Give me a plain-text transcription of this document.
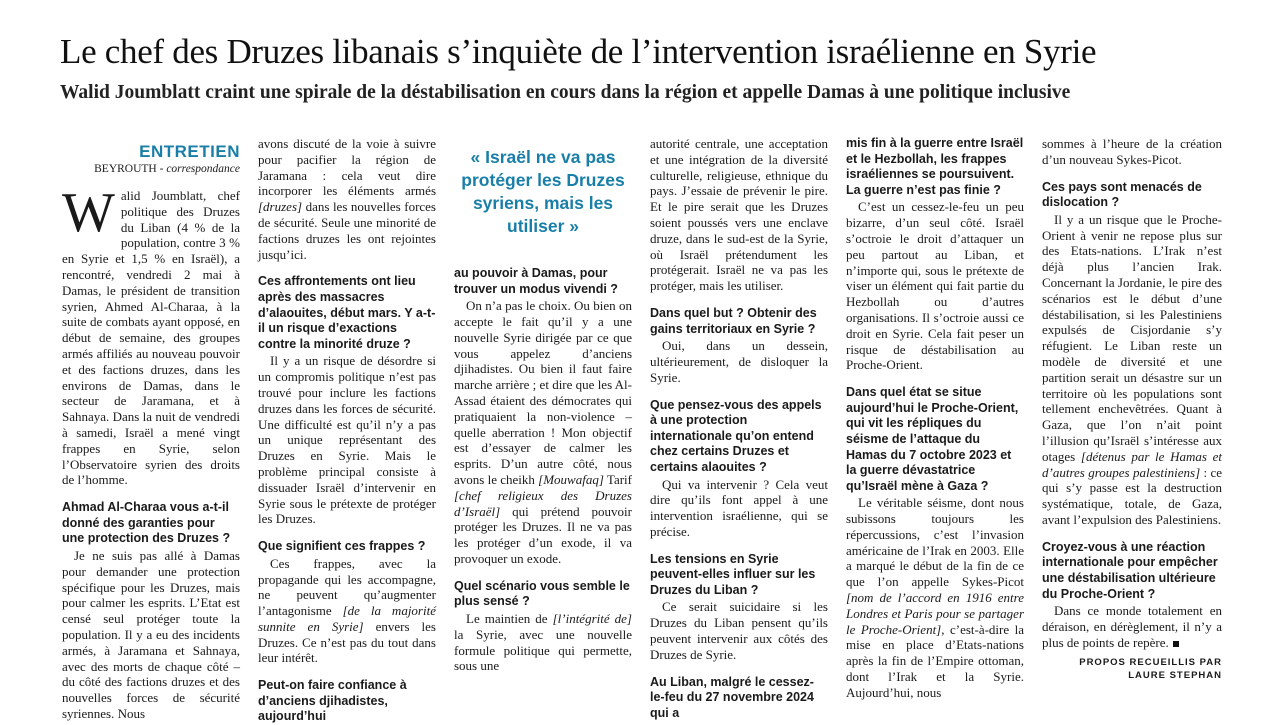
Le chef des Druzes libanais s’inquiète de l’intervention israélienne en Syrie
Walid Joumblatt craint une spirale de la déstabilisation en cours dans la région et appelle Damas à une politique inclusive
ENTRETIEN
BEYROUTH - correspondance

Walid Joumblatt, chef politique des Druzes du Liban (4 % de la population, contre 3 % en Syrie et 1,5 % en Israël), a rencontré, vendredi 2 mai à Damas, le président de transition syrien, Ahmed Al-Charaa, à la suite de combats ayant opposé, en début de semaine, des groupes armés affiliés au nouveau pouvoir et des factions druzes, dans les environs de Damas, dans le secteur de Jaramana, et à Sahnaya. Dans la nuit de vendredi à samedi, Israël a mené vingt frappes en Syrie, selon l’Observatoire syrien des droits de l’homme.

Ahmad Al-Charaa vous a-t-il donné des garanties pour une protection des Druzes ?

Je ne suis pas allé à Damas pour demander une protection spécifique pour les Druzes, mais pour calmer les esprits. L’Etat est censé seul protéger toute la population. Il y a eu des incidents armés, à Jaramana et Sahnaya, avec des morts de chaque côté – du côté des factions druzes et des nouvelles forces de sécurité syriennes. Nous

avons discuté de la voie à suivre pour pacifier la région de Jaramana : cela veut dire incorporer les éléments armés [druzes] dans les nouvelles forces de sécurité. Seule une minorité de factions druzes les ont rejointes jusqu’ici.

Ces affrontements ont lieu après des massacres d’alaouites, début mars. Y a-t-il un risque d’exactions contre la minorité druze ?

Il y a un risque de désordre si un compromis politique n’est pas trouvé pour inclure les factions druzes dans les forces de sécurité. Une difficulté est qu’il n’y a pas un unique représentant des Druzes en Syrie. Mais le problème principal consiste à dissuader Israël d’intervenir en Syrie sous le prétexte de protéger les Druzes.

Que signifient ces frappes ?

Ces frappes, avec la propagande qui les accompagne, ne peuvent qu’augmenter l’antagonisme [de la majorité sunnite en Syrie] envers les Druzes. Ce n’est pas du tout dans leur intérêt.

Peut-on faire confiance à d’anciens djihadistes, aujourd’hui

« Israël ne va pas protéger les Druzes syriens, mais les utiliser »

au pouvoir à Damas, pour trouver un modus vivendi ?

On n’a pas le choix. Ou bien on accepte le fait qu’il y a une nouvelle Syrie dirigée par ce que vous appelez d’anciens djihadistes. Ou bien il faut faire marche arrière ; et dire que les Al-Assad étaient des démocrates qui pratiquaient la non-violence – quelle aberration ! Mon objectif est d’essayer de calmer les esprits. D’un autre côté, nous avons le cheikh [Mouwafaq] Tarif [chef religieux des Druzes d’Israël] qui prétend pouvoir protéger les Druzes. Il ne va pas les protéger d’un exode, il va provoquer un exode.

Quel scénario vous semble le plus sensé ?

Le maintien de [l’intégrité de] la Syrie, avec une nouvelle formule politique qui permette, sous une

autorité centrale, une acceptation et une intégration de la diversité culturelle, religieuse, ethnique du pays. J’essaie de prévenir le pire. Et le pire serait que les Druzes soient poussés vers une enclave druze, dans le sud-est de la Syrie, où Israël prétendument les protégerait. Israël ne va pas les protéger, mais les utiliser.

Dans quel but ? Obtenir des gains territoriaux en Syrie ?

Oui, dans un dessein, ultérieurement, de disloquer la Syrie.

Que pensez-vous des appels à une protection internationale qu’on entend chez certains Druzes et certains alaouites ?

Qui va intervenir ? Cela veut dire qu’ils font appel à une intervention israélienne, qui se précise.

Les tensions en Syrie peuvent-elles influer sur les Druzes du Liban ?

Ce serait suicidaire si les Druzes du Liban pensent qu’ils peuvent intervenir aux côtés des Druzes de Syrie.

Au Liban, malgré le cessez-le-feu du 27 novembre 2024 qui a

mis fin à la guerre entre Israël et le Hezbollah, les frappes israéliennes se poursuivent. La guerre n’est pas finie ?

C’est un cessez-le-feu un peu bizarre, d’un seul côté. Israël s’octroie le droit d’attaquer un peu partout au Liban, et n’importe qui, sous le prétexte de viser un élément qui fait partie du Hezbollah ou d’autres organisations. Il s’octroie aussi ce droit en Syrie. Cela fait peser un risque de déstabilisation au Proche-Orient.

Dans quel état se situe aujourd’hui le Proche-Orient, qui vit les répliques du séisme de l’attaque du Hamas du 7 octobre 2023 et la guerre dévastatrice qu’Israël mène à Gaza ?

Le véritable séisme, dont nous subissons toujours les répercussions, c’est l’invasion américaine de l’Irak en 2003. Elle a marqué le début de la fin de ce que l’on appelle Sykes-Picot [nom de l’accord en 1916 entre Londres et Paris pour se partager le Proche-Orient], c’est-à-dire la mise en place d’Etats-nations après la fin de l’Empire ottoman, dont l’Irak et la Syrie. Aujourd’hui, nous

sommes à l’heure de la création d’un nouveau Sykes-Picot.

Ces pays sont menacés de dislocation ?

Il y a un risque que le Proche-Orient à venir ne repose plus sur des Etats-nations. L’Irak n’est déjà plus l’ancien Irak. Concernant la Jordanie, le pire des scénarios est le début d’une déstabilisation, si les Palestiniens expulsés de Cisjordanie s’y réfugient. Le Liban reste un modèle de diversité et une partition serait un désastre sur un territoire où les populations sont tellement enchevêtrées. Quant à Gaza, que l’on n’ait point l’illusion qu’Israël s’intéresse aux otages [détenus par le Hamas et d’autres groupes palestiniens] : ce qui s’y passe est la destruction systématique, totale, de Gaza, avant l’expulsion des Palestiniens.

Croyez-vous à une réaction internationale pour empêcher une déstabilisation ultérieure du Proche-Orient ?

Dans ce monde totalement en déraison, en dérèglement, il n’y a plus de points de repère.

PROPOS RECUEILLIS PAR
LAURE STEPHAN
